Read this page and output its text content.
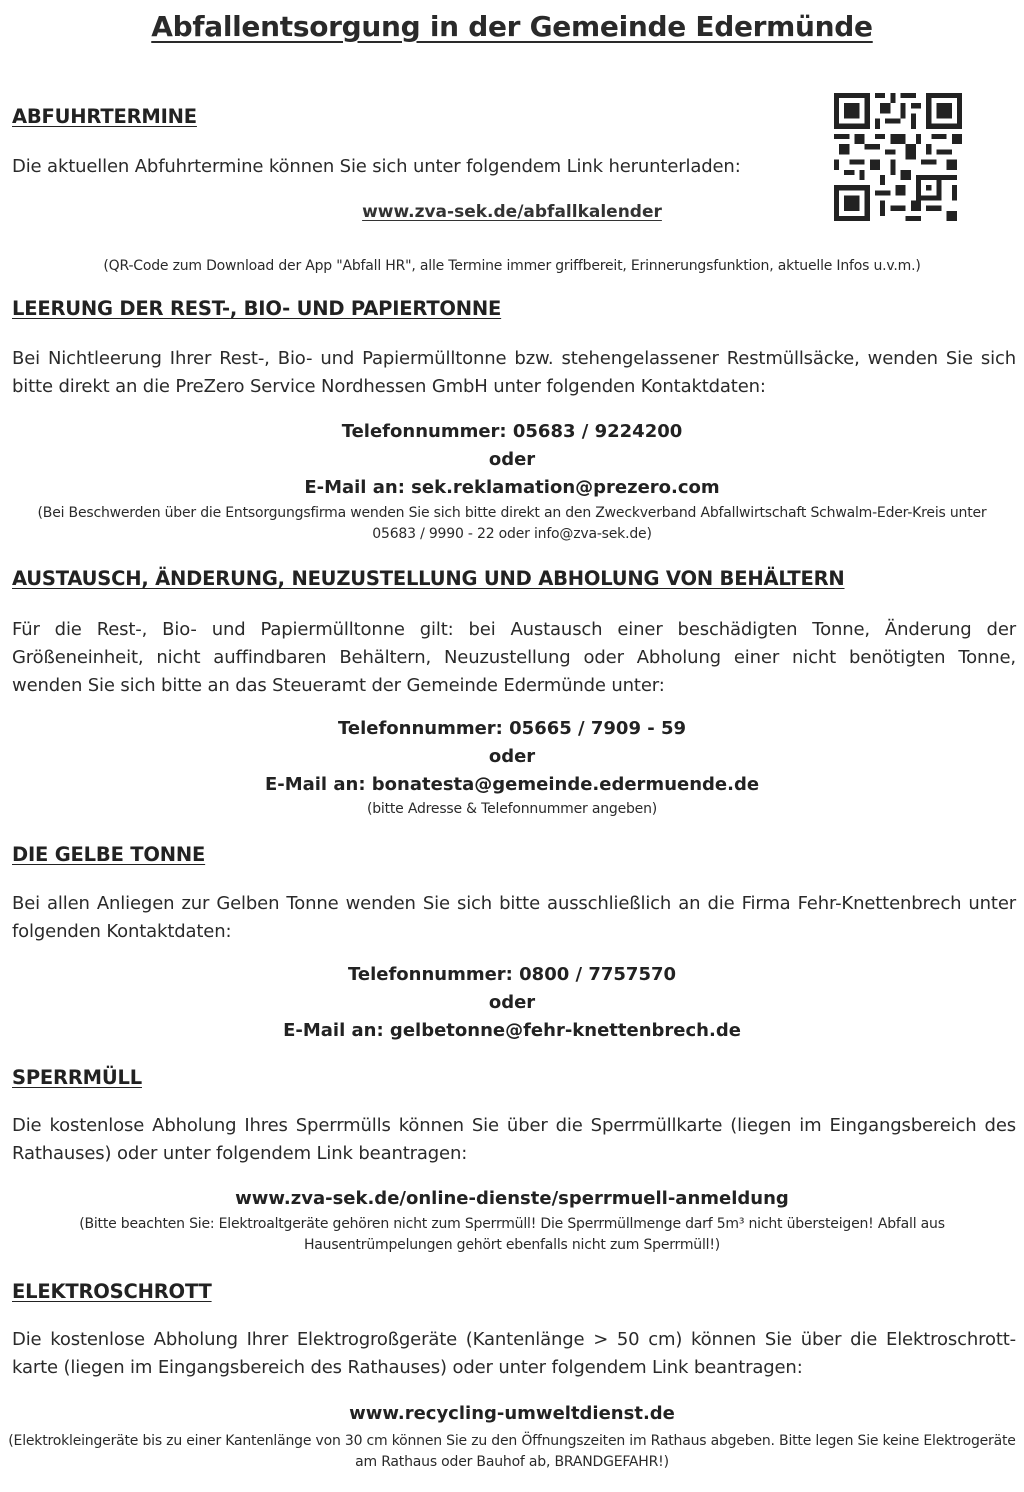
Abfallentsorgung in der Gemeinde Edermünde
ABFUHRTERMINE
Die aktuellen Abfuhrtermine können Sie sich unter folgendem Link herunterladen:
www.zva-sek.de/abfallkalender
(QR-Code zum Download der App "Abfall HR", alle Termine immer griffbereit, Erinnerungsfunktion, aktuelle Infos u.v.m.)
LEERUNG DER REST-, BIO- UND PAPIERTONNE
Bei Nichtleerung Ihrer Rest-, Bio- und Papiermülltonne bzw. stehengelassener Restmüllsäcke, wenden Sie sich bitte direkt an die PreZero Service Nordhessen GmbH unter folgenden Kontaktdaten:
Telefonnummer: 05683 / 9224200
oder
E-Mail an: sek.reklamation@prezero.com
(Bei Beschwerden über die Entsorgungsfirma wenden Sie sich bitte direkt an den Zweckverband Abfallwirtschaft Schwalm-Eder-Kreis unter 05683 / 9990 - 22 oder info@zva-sek.de)
AUSTAUSCH, ÄNDERUNG, NEUZUSTELLUNG UND ABHOLUNG VON BEHÄLTERN
Für die Rest-, Bio- und Papiermülltonne gilt: bei Austausch einer beschädigten Tonne, Änderung der Größeneinheit, nicht auffindbaren Behältern, Neuzustellung oder Abholung einer nicht benötigten Tonne, wenden Sie sich bitte an das Steueramt der Gemeinde Edermünde unter:
Telefonnummer: 05665 / 7909 - 59
oder
E-Mail an: bonatesta@gemeinde.edermuende.de
(bitte Adresse & Telefonnummer angeben)
DIE GELBE TONNE
Bei allen Anliegen zur Gelben Tonne wenden Sie sich bitte ausschließlich an die Firma Fehr-Knettenbrech unter folgenden Kontaktdaten:
Telefonnummer: 0800 / 7757570
oder
E-Mail an: gelbetonne@fehr-knettenbrech.de
SPERRMÜLL
Die kostenlose Abholung Ihres Sperrmülls können Sie über die Sperrmüllkarte (liegen im Eingangsbereich des Rathauses) oder unter folgendem Link beantragen:
www.zva-sek.de/online-dienste/sperrmuell-anmeldung
(Bitte beachten Sie: Elektroaltgeräte gehören nicht zum Sperrmüll! Die Sperrmüllmenge darf 5m³ nicht übersteigen! Abfall aus Hausentrümpelungen gehört ebenfalls nicht zum Sperrmüll!)
ELEKTROSCHROTT
Die kostenlose Abholung Ihrer Elektrogroßgeräte (Kantenlänge > 50 cm) können Sie über die Elektroschrott-karte (liegen im Eingangsbereich des Rathauses) oder unter folgendem Link beantragen:
www.recycling-umweltdienst.de
(Elektrokleingeräte bis zu einer Kantenlänge von 30 cm können Sie zu den Öffnungszeiten im Rathaus abgeben. Bitte legen Sie keine Elektrogeräte am Rathaus oder Bauhof ab, BRANDGEFAHR!)
